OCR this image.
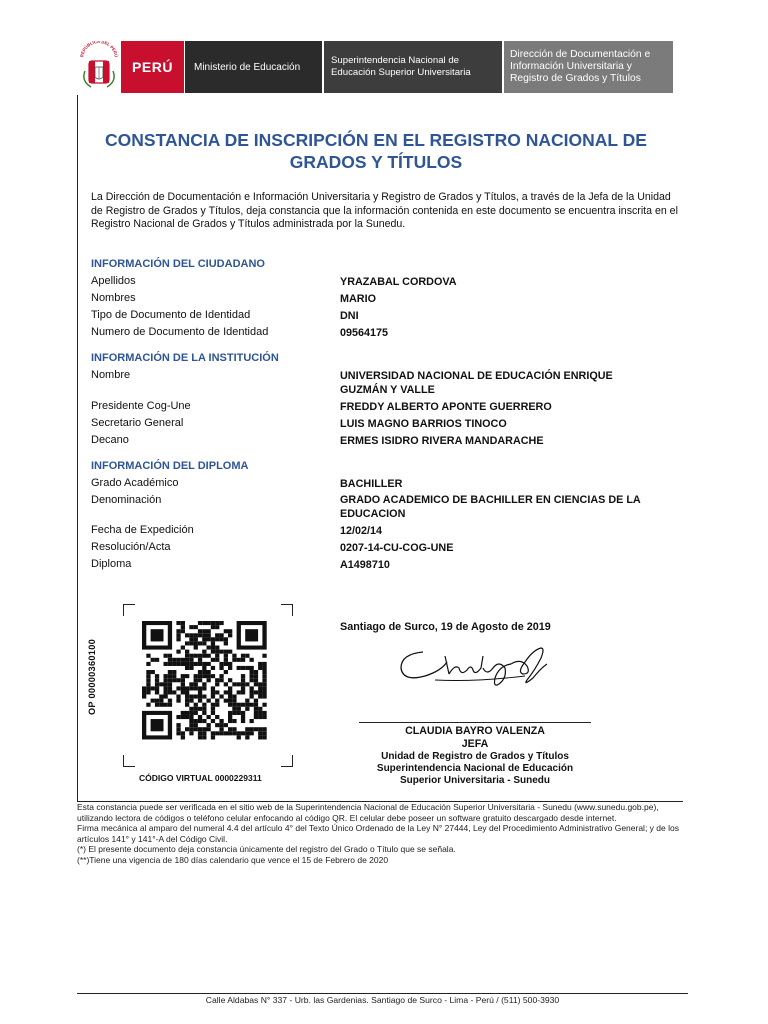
REPÚBLICA DEL PERÚ
PERÚ	Ministerio de Educación
Superintendencia Nacional de
Educación Superior Universitaria
Dirección de Documentación e
Información Universitaria y
Registro de Grados y Títulos
CONSTANCIA DE INSCRIPCIÓN EN EL REGISTRO NACIONAL DE
GRADOS Y TÍTULOS
La Dirección de Documentación e Información Universitaria y Registro de Grados y Títulos, a través de la Jefa de la Unidad de Registro de Grados y Títulos, deja constancia que la información contenida en este documento se encuentra inscrita en el Registro Nacional de Grados y Títulos administrada por la Sunedu.
INFORMACIÓN DEL CIUDADANO
Apellidos	YRAZABAL CORDOVA
Nombres	MARIO
Tipo de Documento de Identidad	DNI
Numero de Documento de Identidad	09564175
INFORMACIÓN DE LA INSTITUCIÓN
Nombre	UNIVERSIDAD NACIONAL DE EDUCACIÓN ENRIQUE
GUZMÁN Y VALLE
Presidente Cog-Une	FREDDY ALBERTO APONTE GUERRERO
Secretario General	LUIS MAGNO BARRIOS TINOCO
Decano	ERMES ISIDRO RIVERA MANDARACHE
INFORMACIÓN DEL DIPLOMA
Grado Académico	BACHILLER
Denominación	GRADO ACADEMICO DE BACHILLER EN CIENCIAS DE LA
EDUCACION
Fecha de Expedición	12/02/14
Resolución/Acta	0207-14-CU-COG-UNE
Diploma	A1498710
OP 00000360100
CÓDIGO VIRTUAL 0000229311
Santiago de Surco, 19 de Agosto de 2019
CLAUDIA BAYRO VALENZA
JEFA
Unidad de Registro de Grados y Títulos
Superintendencia Nacional de Educación
Superior Universitaria - Sunedu

Esta constancia puede ser verificada en el sitio web de la Superintendencia Nacional de Educación Superior Universitaria - Sunedu (www.sunedu.gob.pe), utilizando lectora de códigos o teléfono celular enfocando al código QR. El celular debe poseer un software gratuito descargado desde internet.

Firma mecánica al amparo del numeral 4.4 del artículo 4° del Texto Único Ordenado de la Ley N° 27444, Ley del Procedimiento Administrativo General; y de los artículos 141° y 141°-A del Código Civil.

(*) El presente documento deja constancia únicamente del registro del Grado o Título que se señala.

(**)Tiene una vigencia de 180 días calendario que vence el 15 de Febrero de 2020

Calle Aldabas N° 337 - Urb. las Gardenias. Santiago de Surco - Lima - Perú / (511) 500-3930
